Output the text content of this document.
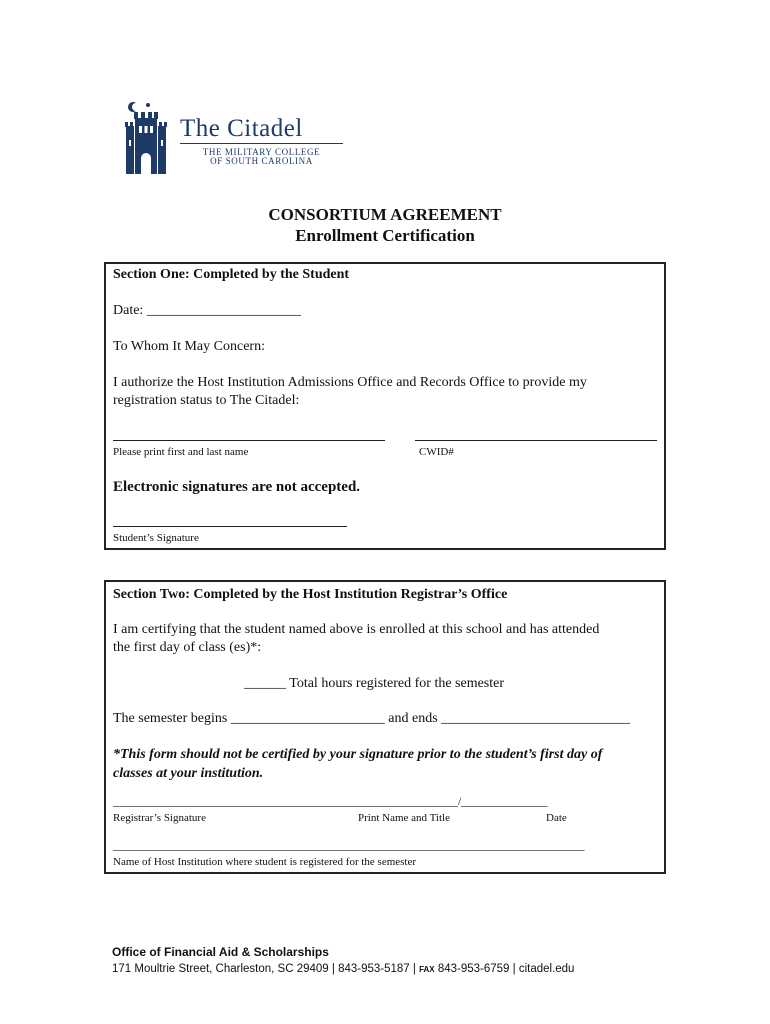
The Citadel
THE MILITARY COLLEGE
OF SOUTH CAROLINA
CONSORTIUM AGREEMENT
Enrollment Certification
Section One: Completed by the Student
Date: ______________________
To Whom It May Concern:
I authorize the Host Institution Admissions Office and Records Office to provide my
registration status to The Citadel:
Please print first and last name	CWID#
Electronic signatures are not accepted.
Student’s Signature
Section Two: Completed by the Host Institution Registrar’s Office
I am certifying that the student named above is enrolled at this school and has attended
the first day of class (es)*:
______ Total hours registered for the semester
The semester begins ______________________ and ends ___________________________
*This form should not be certified by your signature prior to the student’s first day of
classes at your institution.
____________________________________________________________/_______________
Registrar’s Signature	Print Name and Title	Date
__________________________________________________________________________________
Name of Host Institution where student is registered for the semester
Office of Financial Aid & Scholarships
171 Moultrie Street, Charleston, SC 29409 | 843-953-5187 | FAX 843-953-6759 | citadel.edu
